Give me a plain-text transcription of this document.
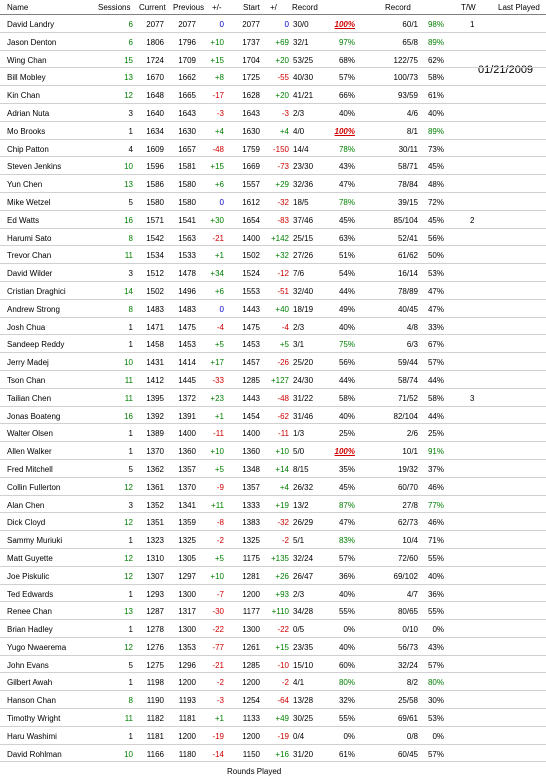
Name	Sessions Current Previous +/-	Start +/ Record	Record	T/W	Last Played
01/21/2009
David Landry	6 2077 2077	0 2077	0 30/0	100%	60/1 98%	1
Jason Denton	6 1806 1796 +10 1737 +69 32/1	97%	65/8 89%
Wing Chan	15 1724 1709 +15 1704 +20 53/25	68%	122/75 62%
Bill Mobley	13 1670 1662 +8 1725 -55 40/30	57%	100/73 58%
Kin Chan	12 1648 1665 -17 1628 +20 41/21	66%	93/59 61%
Adrian Nuta	3 1640 1643	-3 1643	-3 2/3	40%	4/6 40%
Mo Brooks	1 1634 1630 +4 1630 +4 4/0	100%	8/1 89%
Chip Patton	4 1609 1657 -48 1759 -150 14/4	78%	30/11 73%
Steven Jenkins	10 1596 1581 +15 1669 -73 23/30	43%	58/71 45%
Yun Chen	13 1586 1580 +6 1557 +29 32/36	47%	78/84 48%
Mike Wetzel	5 1580 1580	0 1612 -32 18/5	78%	39/15 72%
Ed Watts	16 1571 1541 +30 1654 -83 37/46	45%	85/104 45%	2
Harumi Sato	8 1542 1563 -21 1400 +142 25/15	63%	52/41 56%
Trevor Chan	11 1534 1533 +1 1502 +32 27/26	51%	61/62 50%
David Wilder	3 1512 1478 +34 1524 -12 7/6	54%	16/14 53%
Cristian Draghici	14 1502 1496 +6 1553 -51 32/40	44%	78/89 47%
Andrew Strong	8 1483 1483	0 1443 +40 18/19	49%	40/45 47%
Josh Chua	1 1471 1475	-4 1475	-4 2/3	40%	4/8 33%
Sandeep Reddy	1 1458 1453 +5 1453 +5 3/1	75%	6/3 67%
Jerry Madej	10 1431 1414 +17 1457 -26 25/20	56%	59/44 57%
Tson Chan	11 1412 1445 -33 1285 +127 24/30	44%	58/74 44%
Tailian Chen	11 1395 1372 +23 1443 -48 31/22	58%	71/52 58%	3
Jonas Boateng	16 1392 1391 +1 1454 -62 31/46	40%	82/104 44%
Walter Olsen	1 1389 1400 -11 1400 -11 1/3	25%	2/6 25%
Allen Walker	1 1370 1360 +10 1360 +10 5/0	100%	10/1 91%
Fred Mitchell	5 1362 1357 +5 1348 +14 8/15	35%	19/32 37%
Collin Fullerton	12 1361 1370	-9 1357 +4 26/32	45%	60/70 46%
Alan Chen	3 1352 1341 +11 1333 +19 13/2	87%	27/8 77%
Dick Cloyd	12 1351 1359	-8 1383 -32 26/29	47%	62/73 46%
Sammy Muriuki	1 1323 1325	-2 1325	-2 5/1	83%	10/4 71%
Matt Guyette	12 1310 1305 +5 1175 +135 32/24	57%	72/60 55%
Joe Piskulic	12 1307 1297 +10 1281 +26 26/47	36%	69/102 40%
Ted Edwards	1 1293 1300	-7 1200 +93 2/3	40%	4/7 36%
Renee Chan	13 1287 1317 -30 1177 +110 34/28	55%	80/65 55%
Brian Hadley	1 1278 1300 -22 1300 -22 0/5	0%	0/10 0%
Yugo Nwaerema	12 1276 1353 -77 1261 +15 23/35	40%	56/73 43%
John Evans	5 1275 1296 -21 1285 -10 15/10	60%	32/24 57%
Gilbert Awah	1 1198 1200	-2 1200	-2 4/1	80%	8/2 80%
Hanson Chan	8 1190 1193	-3 1254 -64 13/28	32%	25/58 30%
Timothy Wright	11 1182 1181 +1 1133 +49 30/25	55%	69/61 53%
Haru Washimi	1 1181 1200 -19 1200 -19 0/4	0%	0/8 0%
David Rohlman	10 1166 1180 -14 1150 +16 31/20	61%	60/45 57%
Rounds Played
